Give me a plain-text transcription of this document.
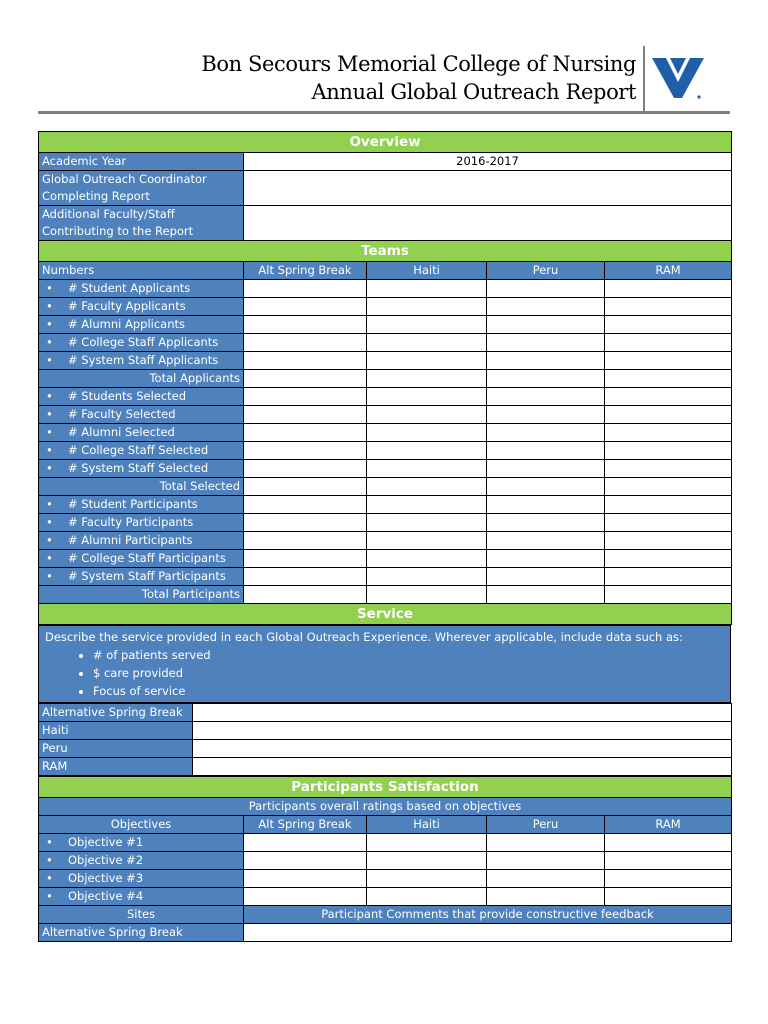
Bon Secours Memorial College of Nursing
Annual Global Outreach Report
Overview				
Academic Year	2016-2017			
Global Outreach Coordinator Completing Report				
Additional Faculty/Staff Contributing to the Report				
Teams				
Numbers	Alt Spring Break	Haiti	Peru	RAM
• # Student Applicants				
• # Faculty Applicants				
• # Alumni Applicants				
• # College Staff Applicants				
• # System Staff Applicants				
Total Applicants				
• # Students Selected				
• # Faculty Selected				
• # Alumni Selected				
• # College Staff Selected				
• # System Staff Selected				
Total Selected				
• # Student Participants				
• # Faculty Participants				
• # Alumni Participants				
• # College Staff Participants				
• # System Staff Participants				
Total Participants				
Service				
Describe the service provided in each Global Outreach Experience. Wherever applicable, include data such as:
• # of patients served
• $ care provided
• Focus of service
Alternative Spring Break	
Haiti	
Peru	
RAM	
Participants Satisfaction				
Participants overall ratings based on objectives				
Objectives	Alt Spring Break	Haiti	Peru	RAM
• Objective #1				
• Objective #2				
• Objective #3				
• Objective #4				
Sites	Participant Comments that provide constructive feedback			
Alternative Spring Break				
